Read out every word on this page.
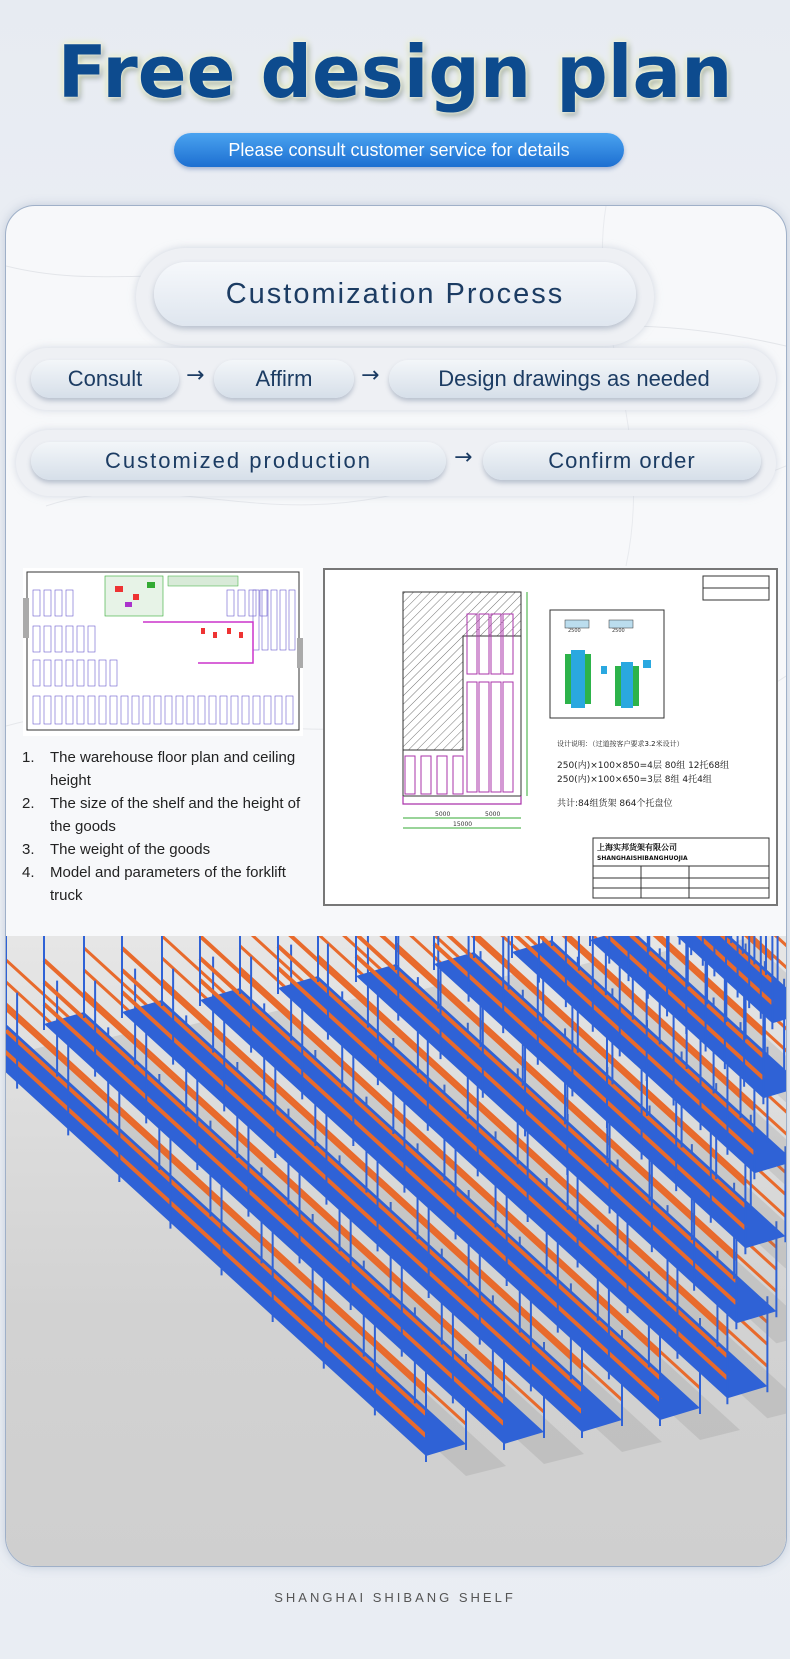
Free design plan
Please consult customer service for details
Customization Process
Consult	→	Affirm	→	Design drawings as needed
Customized production	→	Confirm order
5000	5000
15000
2500	2500
设计说明：（过道按客户要求3.2米设计）
250(内)×100×850=4层 80组 12托68组
250(内)×100×650=3层 8组 4托4组
共计:84组货架 864个托盘位
上海实邦货架有限公司
SHANGHAISHIBANGHUOJIA
1. The warehouse floor plan and ceiling height
2. The size of the shelf and the height of the goods
3. The weight of the goods
4. Model and parameters of the forklift truck
SHANGHAI SHIBANG SHELF
